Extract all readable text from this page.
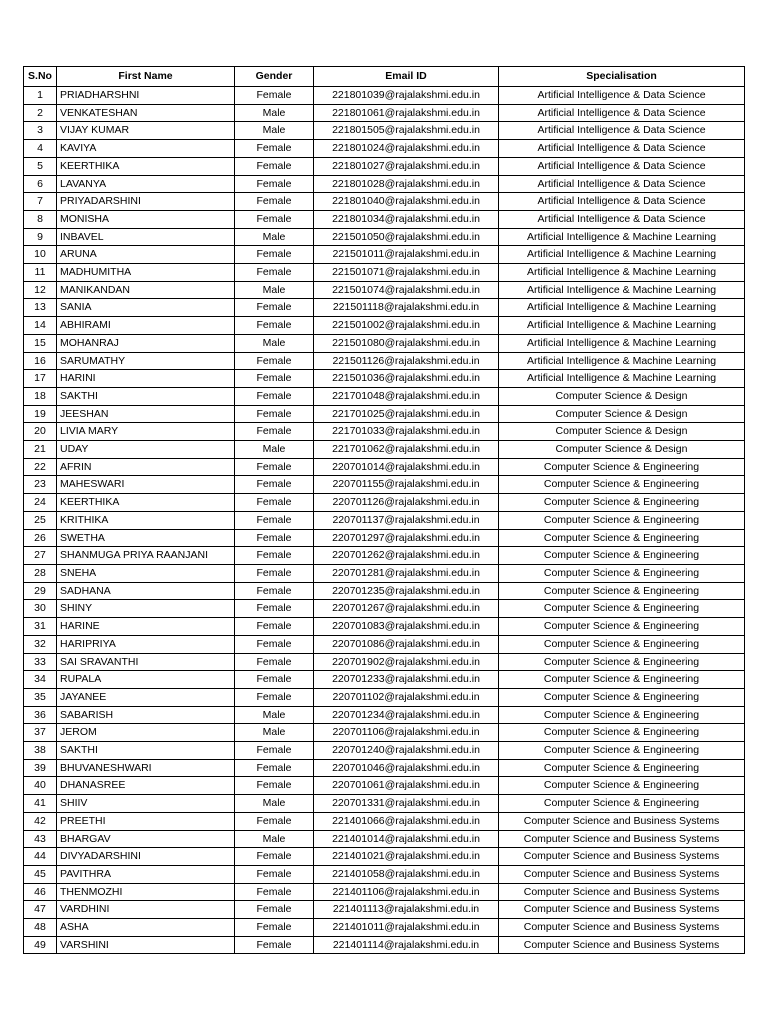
S.No	First Name	Gender	Email ID	Specialisation
1	PRIADHARSHNI	Female	221801039@rajalakshmi.edu.in	Artificial Intelligence & Data Science
2	VENKATESHAN	Male	221801061@rajalakshmi.edu.in	Artificial Intelligence & Data Science
3	VIJAY KUMAR	Male	221801505@rajalakshmi.edu.in	Artificial Intelligence & Data Science
4	KAVIYA	Female	221801024@rajalakshmi.edu.in	Artificial Intelligence & Data Science
5	KEERTHIKA	Female	221801027@rajalakshmi.edu.in	Artificial Intelligence & Data Science
6	LAVANYA	Female	221801028@rajalakshmi.edu.in	Artificial Intelligence & Data Science
7	PRIYADARSHINI	Female	221801040@rajalakshmi.edu.in	Artificial Intelligence & Data Science
8	MONISHA	Female	221801034@rajalakshmi.edu.in	Artificial Intelligence & Data Science
9	INBAVEL	Male	221501050@rajalakshmi.edu.in	Artificial Intelligence & Machine Learning
10	ARUNA	Female	221501011@rajalakshmi.edu.in	Artificial Intelligence & Machine Learning
11	MADHUMITHA	Female	221501071@rajalakshmi.edu.in	Artificial Intelligence & Machine Learning
12	MANIKANDAN	Male	221501074@rajalakshmi.edu.in	Artificial Intelligence & Machine Learning
13	SANIA	Female	221501118@rajalakshmi.edu.in	Artificial Intelligence & Machine Learning
14	ABHIRAMI	Female	221501002@rajalakshmi.edu.in	Artificial Intelligence & Machine Learning
15	MOHANRAJ	Male	221501080@rajalakshmi.edu.in	Artificial Intelligence & Machine Learning
16	SARUMATHY	Female	221501126@rajalakshmi.edu.in	Artificial Intelligence & Machine Learning
17	HARINI	Female	221501036@rajalakshmi.edu.in	Artificial Intelligence & Machine Learning
18	SAKTHI	Female	221701048@rajalakshmi.edu.in	Computer Science & Design
19	JEESHAN	Female	221701025@rajalakshmi.edu.in	Computer Science & Design
20	LIVIA MARY	Female	221701033@rajalakshmi.edu.in	Computer Science & Design
21	UDAY	Male	221701062@rajalakshmi.edu.in	Computer Science & Design
22	AFRIN	Female	220701014@rajalakshmi.edu.in	Computer Science & Engineering
23	MAHESWARI	Female	220701155@rajalakshmi.edu.in	Computer Science & Engineering
24	KEERTHIKA	Female	220701126@rajalakshmi.edu.in	Computer Science & Engineering
25	KRITHIKA	Female	220701137@rajalakshmi.edu.in	Computer Science & Engineering
26	SWETHA	Female	220701297@rajalakshmi.edu.in	Computer Science & Engineering
27	SHANMUGA PRIYA RAANJANI	Female	220701262@rajalakshmi.edu.in	Computer Science & Engineering
28	SNEHA	Female	220701281@rajalakshmi.edu.in	Computer Science & Engineering
29	SADHANA	Female	220701235@rajalakshmi.edu.in	Computer Science & Engineering
30	SHINY	Female	220701267@rajalakshmi.edu.in	Computer Science & Engineering
31	HARINE	Female	220701083@rajalakshmi.edu.in	Computer Science & Engineering
32	HARIPRIYA	Female	220701086@rajalakshmi.edu.in	Computer Science & Engineering
33	SAI SRAVANTHI	Female	220701902@rajalakshmi.edu.in	Computer Science & Engineering
34	RUPALA	Female	220701233@rajalakshmi.edu.in	Computer Science & Engineering
35	JAYANEE	Female	220701102@rajalakshmi.edu.in	Computer Science & Engineering
36	SABARISH	Male	220701234@rajalakshmi.edu.in	Computer Science & Engineering
37	JEROM	Male	220701106@rajalakshmi.edu.in	Computer Science & Engineering
38	SAKTHI	Female	220701240@rajalakshmi.edu.in	Computer Science & Engineering
39	BHUVANESHWARI	Female	220701046@rajalakshmi.edu.in	Computer Science & Engineering
40	DHANASREE	Female	220701061@rajalakshmi.edu.in	Computer Science & Engineering
41	SHIIV	Male	220701331@rajalakshmi.edu.in	Computer Science & Engineering
42	PREETHI	Female	221401066@rajalakshmi.edu.in	Computer Science and Business Systems
43	BHARGAV	Male	221401014@rajalakshmi.edu.in	Computer Science and Business Systems
44	DIVYADARSHINI	Female	221401021@rajalakshmi.edu.in	Computer Science and Business Systems
45	PAVITHRA	Female	221401058@rajalakshmi.edu.in	Computer Science and Business Systems
46	THENMOZHI	Female	221401106@rajalakshmi.edu.in	Computer Science and Business Systems
47	VARDHINI	Female	221401113@rajalakshmi.edu.in	Computer Science and Business Systems
48	ASHA	Female	221401011@rajalakshmi.edu.in	Computer Science and Business Systems
49	VARSHINI	Female	221401114@rajalakshmi.edu.in	Computer Science and Business Systems
